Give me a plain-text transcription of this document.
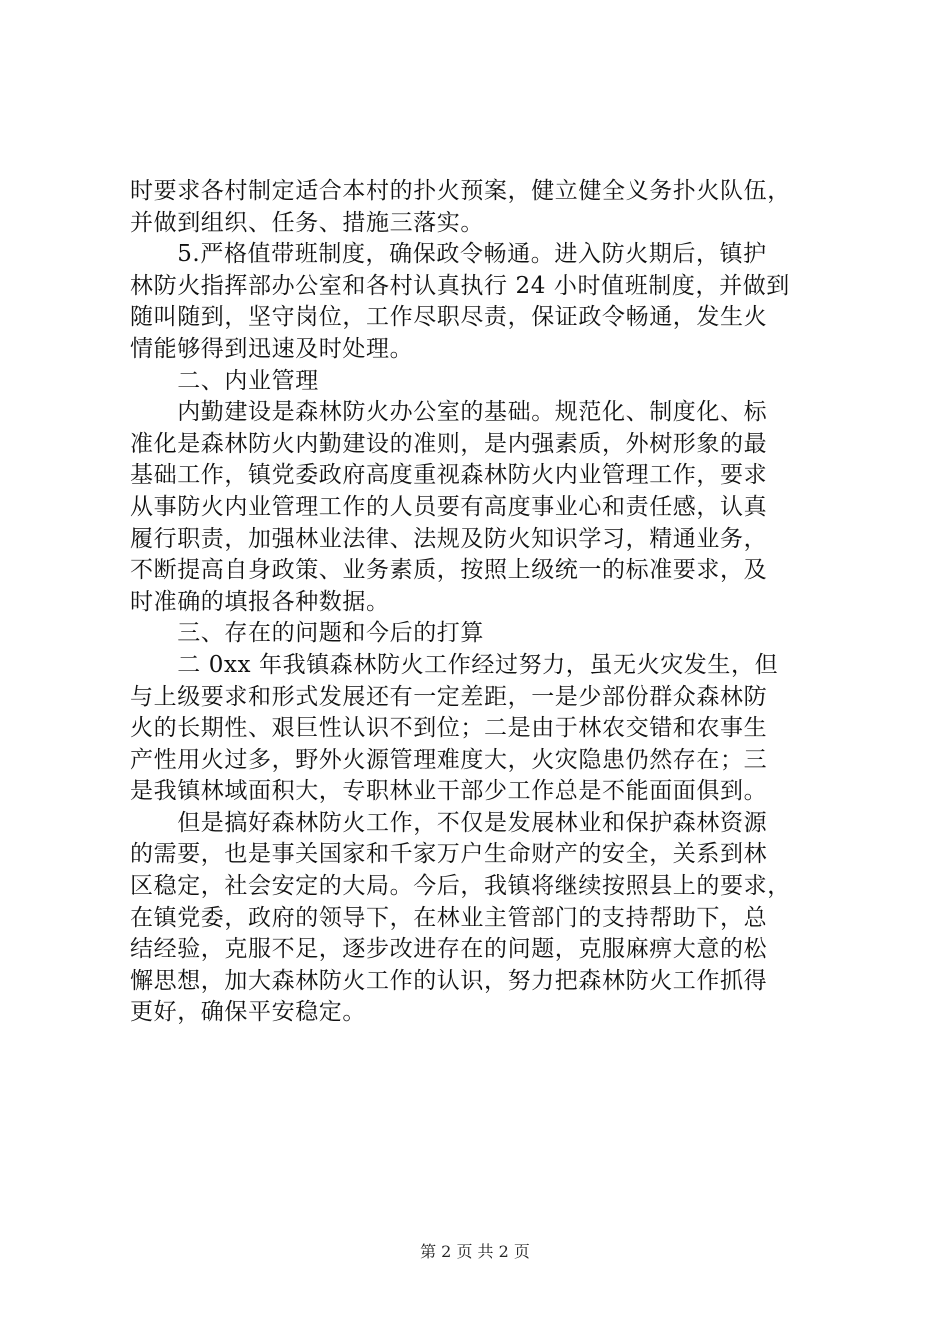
时要求各村制定适合本村的扑火预案，健立健全义务扑火队伍，
并做到组织、任务、措施三落实。
　　5.严格值带班制度，确保政令畅通。进入防火期后，镇护
林防火指挥部办公室和各村认真执行 24 小时值班制度，并做到
随叫随到，坚守岗位，工作尽职尽责，保证政令畅通，发生火
情能够得到迅速及时处理。
　　二、内业管理
　　内勤建设是森林防火办公室的基础。规范化、制度化、标
准化是森林防火内勤建设的准则，是内强素质，外树形象的最
基础工作，镇党委政府高度重视森林防火内业管理工作，要求
从事防火内业管理工作的人员要有高度事业心和责任感，认真
履行职责，加强林业法律、法规及防火知识学习，精通业务，
不断提高自身政策、业务素质，按照上级统一的标准要求，及
时准确的填报各种数据。
　　三、存在的问题和今后的打算
　　二 0xx 年我镇森林防火工作经过努力，虽无火灾发生，但
与上级要求和形式发展还有一定差距，一是少部份群众森林防
火的长期性、艰巨性认识不到位；二是由于林农交错和农事生
产性用火过多，野外火源管理难度大，火灾隐患仍然存在；三
是我镇林域面积大，专职林业干部少工作总是不能面面俱到。
　　但是搞好森林防火工作，不仅是发展林业和保护森林资源
的需要，也是事关国家和千家万户生命财产的安全，关系到林
区稳定，社会安定的大局。今后，我镇将继续按照县上的要求，
在镇党委，政府的领导下，在林业主管部门的支持帮助下，总
结经验，克服不足，逐步改进存在的问题，克服麻痹大意的松
懈思想，加大森林防火工作的认识，努力把森林防火工作抓得
更好，确保平安稳定。
第 2 页 共 2 页
